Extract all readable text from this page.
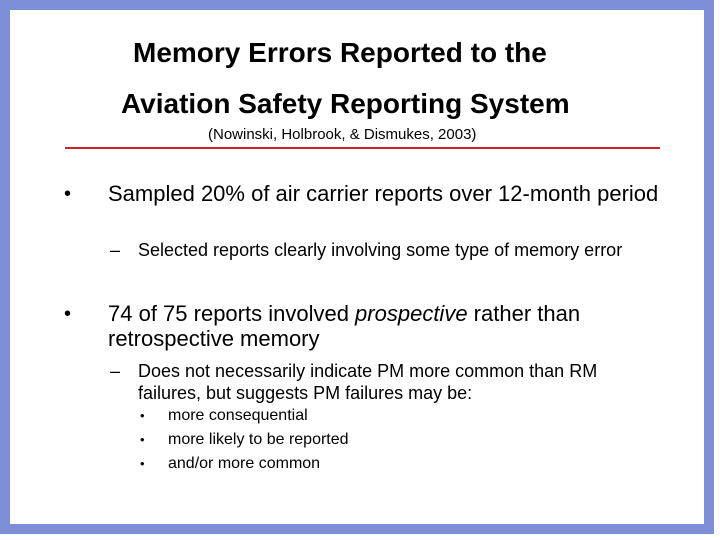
Memory Errors Reported to the
Aviation Safety Reporting System
(Nowinski, Holbrook, & Dismukes, 2003)
• Sampled 20% of air carrier reports over 12-month period
– Selected reports clearly involving some type of memory error
• 74 of 75 reports involved prospective rather than retrospective memory
– Does not necessarily indicate PM more common than RM failures, but suggests PM failures may be:
• more consequential
• more likely to be reported
• and/or more common
